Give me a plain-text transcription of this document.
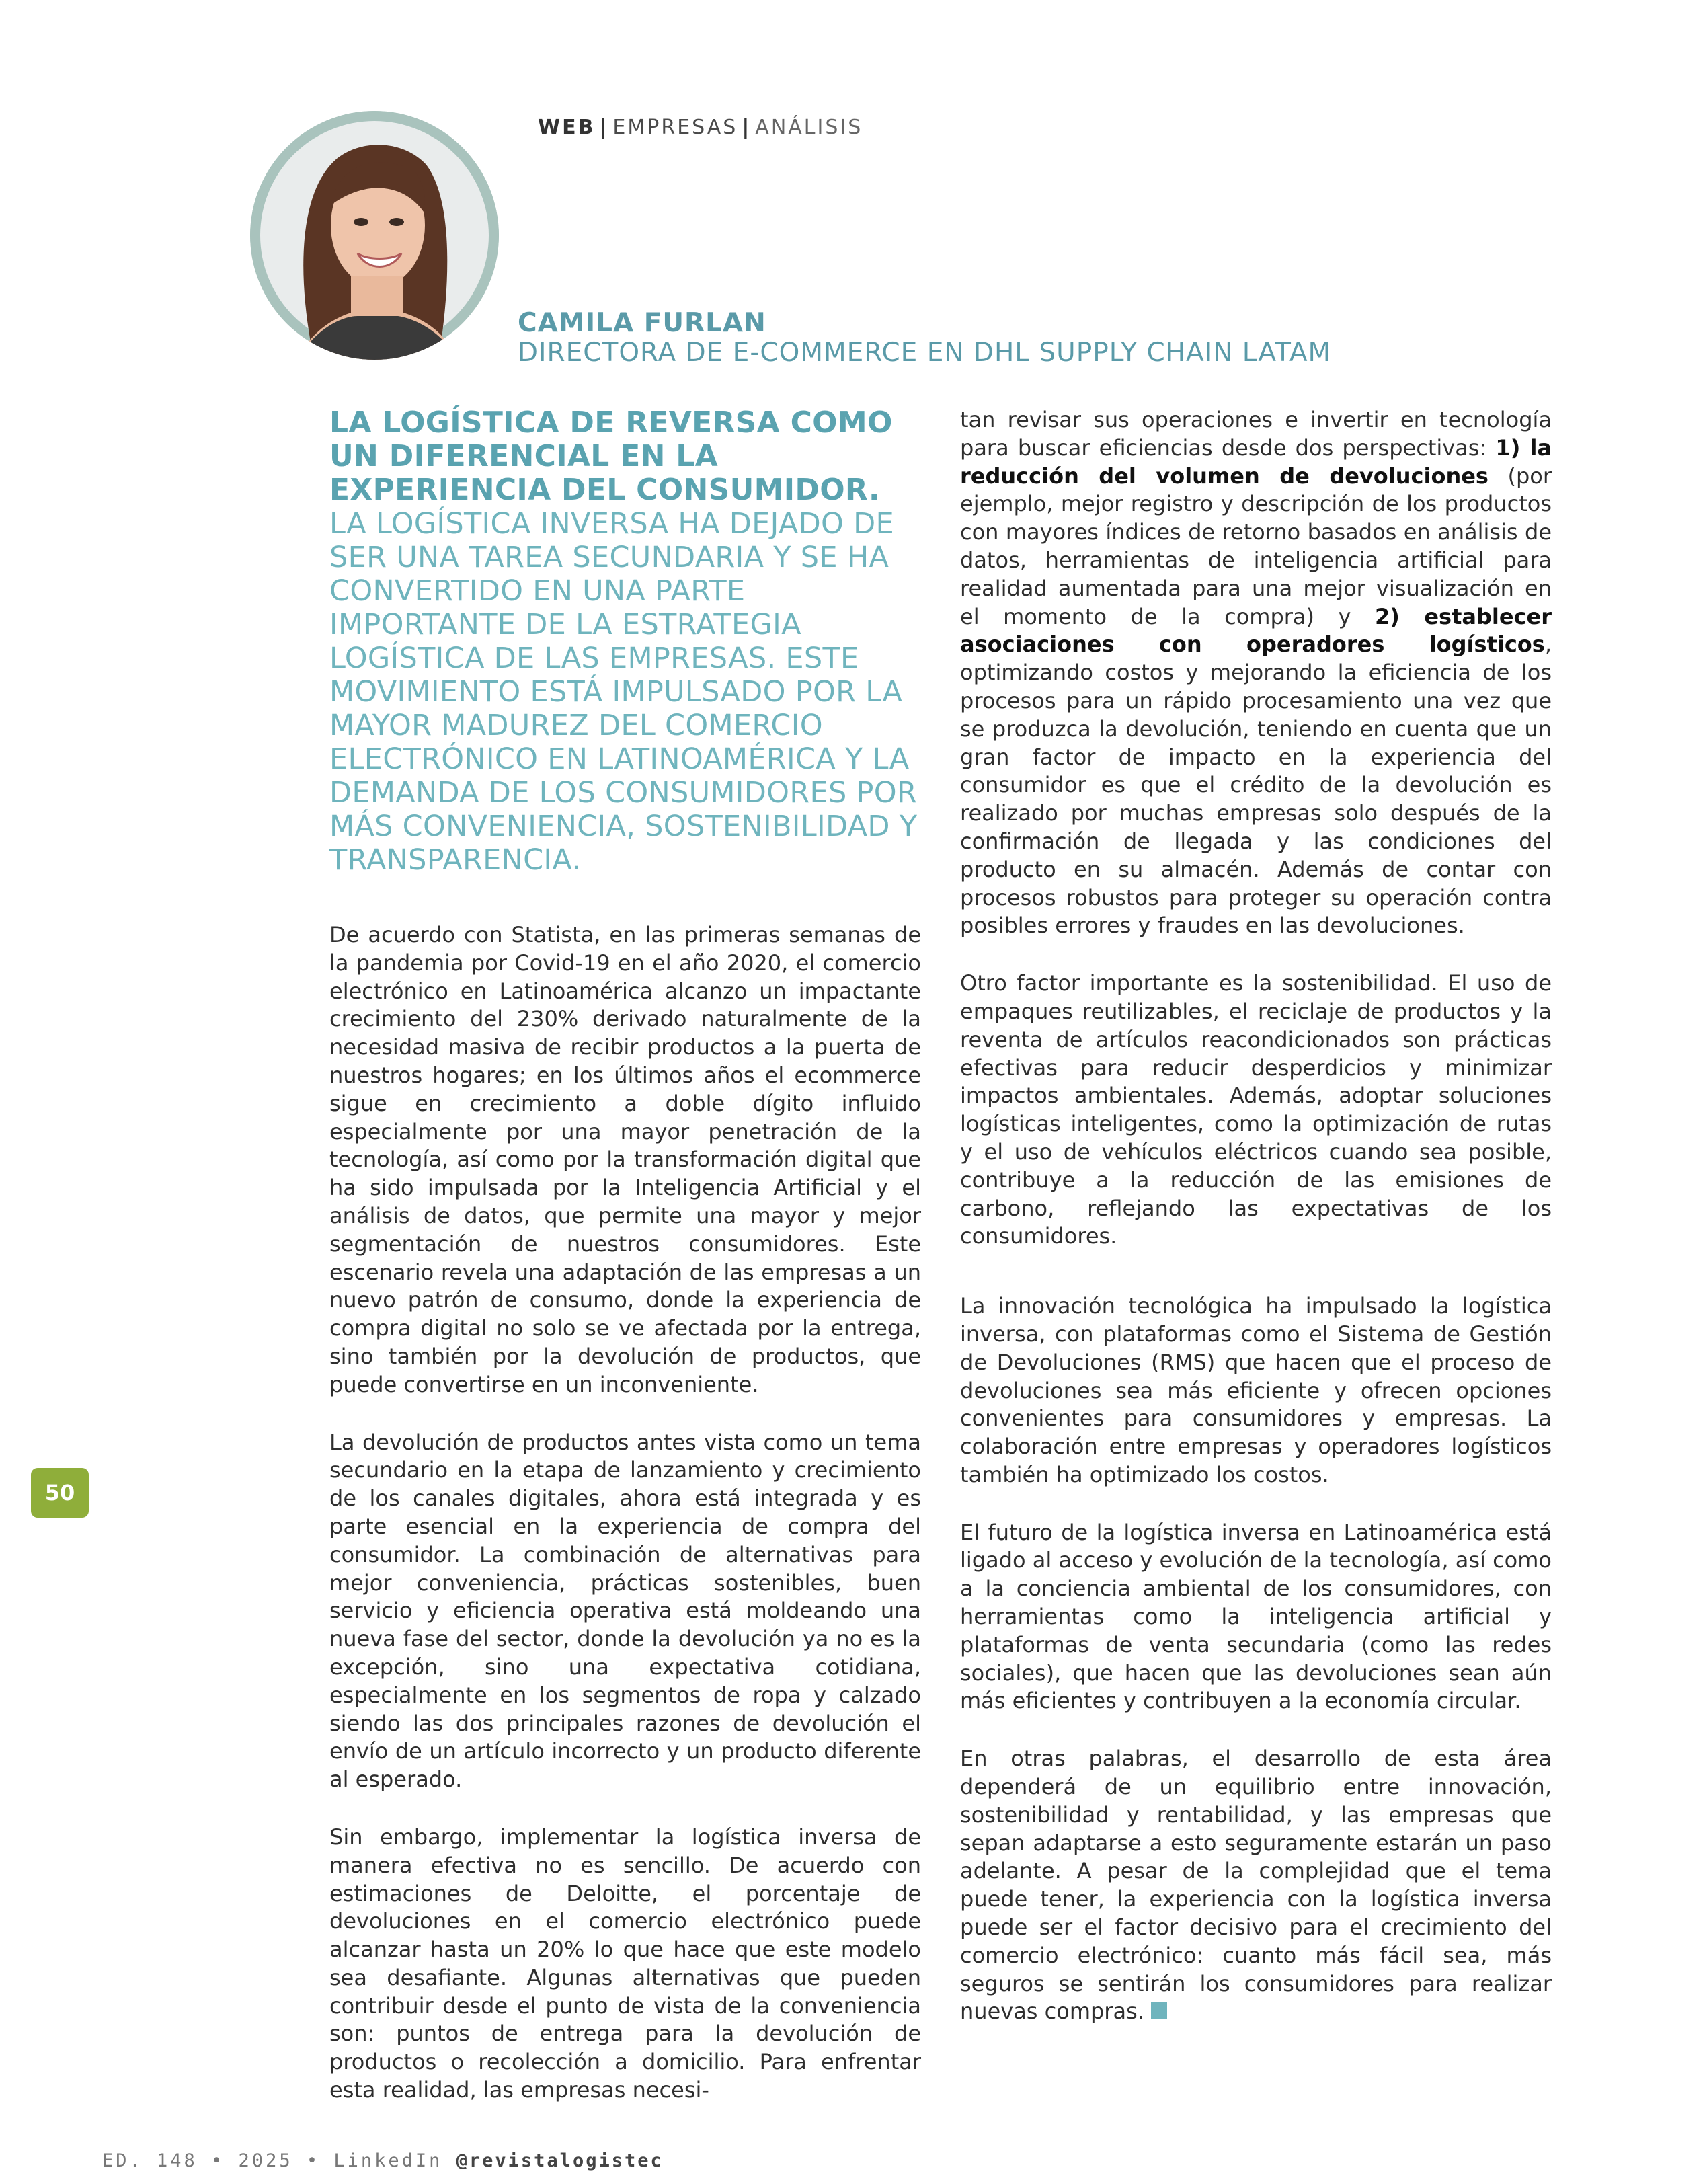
WEB | EMPRESAS | ANÁLISIS
CAMILA FURLAN
DIRECTORA DE E-COMMERCE EN DHL SUPPLY CHAIN LATAM
LA LOGÍSTICA DE REVERSA COMO UN DIFERENCIAL EN LA EXPERIENCIA DEL CONSUMIDOR.

LA LOGÍSTICA INVERSA HA DEJADO DE SER UNA TAREA SECUNDARIA Y SE HA CONVERTIDO EN UNA PARTE IMPORTANTE DE LA ESTRATEGIA LOGÍSTICA DE LAS EMPRESAS. ESTE MOVIMIENTO ESTÁ IMPULSADO POR LA MAYOR MADUREZ DEL COMERCIO ELECTRÓNICO EN LATINOAMÉRICA Y LA DEMANDA DE LOS CONSUMIDORES POR MÁS CONVENIENCIA, SOSTENIBILIDAD Y TRANSPARENCIA.

De acuerdo con Statista, en las primeras semanas de la pandemia por Covid-19 en el año 2020, el comercio electrónico en Latinoamérica alcanzo un impactante crecimiento del 230% derivado naturalmente de la necesidad masiva de recibir productos a la puerta de nuestros hogares; en los últimos años el ecommerce sigue en crecimiento a doble dígito influido especialmente por una mayor penetración de la tecnología, así como por la transformación digital que ha sido impulsada por la Inteligencia Artificial y el análisis de datos, que permite una mayor y mejor segmentación de nuestros consumidores. Este escenario revela una adaptación de las empresas a un nuevo patrón de consumo, donde la experiencia de compra digital no solo se ve afectada por la entrega, sino también por la devolución de productos, que puede convertirse en un inconveniente.

La devolución de productos antes vista como un tema secundario en la etapa de lanzamiento y crecimiento de los canales digitales, ahora está integrada y es parte esencial en la experiencia de compra del consumidor. La combinación de alternativas para mejor conveniencia, prácticas sostenibles, buen servicio y eficiencia operativa está moldeando una nueva fase del sector, donde la devolución ya no es la excepción, sino una expectativa cotidiana, especialmente en los segmentos de ropa y calzado siendo las dos principales razones de devolución el envío de un artículo incorrecto y un producto diferente al esperado.

Sin embargo, implementar la logística inversa de manera efectiva no es sencillo. De acuerdo con estimaciones de Deloitte, el porcentaje de devoluciones en el comercio electrónico puede alcanzar hasta un 20% lo que hace que este modelo sea desafiante. Algunas alternativas que pueden contribuir desde el punto de vista de la conveniencia son: puntos de entrega para la devolución de productos o recolección a domicilio. Para enfrentar esta realidad, las empresas necesi-

tan revisar sus operaciones e invertir en tecnología para buscar eficiencias desde dos perspectivas: 1) la reducción del volumen de devoluciones (por ejemplo, mejor registro y descripción de los productos con mayores índices de retorno basados en análisis de datos, herramientas de inteligencia artificial para realidad aumentada para una mejor visualización en el momento de la compra) y 2) establecer asociaciones con operadores logísticos, optimizando costos y mejorando la eficiencia de los procesos para un rápido procesamiento una vez que se produzca la devolución, teniendo en cuenta que un gran factor de impacto en la experiencia del consumidor es que el crédito de la devolución es realizado por muchas empresas solo después de la confirmación de llegada y las condiciones del producto en su almacén. Además de contar con procesos robustos para proteger su operación contra posibles errores y fraudes en las devoluciones.

Otro factor importante es la sostenibilidad. El uso de empaques reutilizables, el reciclaje de productos y la reventa de artículos reacondicionados son prácticas efectivas para reducir desperdicios y minimizar impactos ambientales. Además, adoptar soluciones logísticas inteligentes, como la optimización de rutas y el uso de vehículos eléctricos cuando sea posible, contribuye a la reducción de las emisiones de carbono, reflejando las expectativas de los consumidores.

La innovación tecnológica ha impulsado la logística inversa, con plataformas como el Sistema de Gestión de Devoluciones (RMS) que hacen que el proceso de devoluciones sea más eficiente y ofrecen opciones convenientes para consumidores y empresas. La colaboración entre empresas y operadores logísticos también ha optimizado los costos.

El futuro de la logística inversa en Latinoamérica está ligado al acceso y evolución de la tecnología, así como a la conciencia ambiental de los consumidores, con herramientas como la inteligencia artificial y plataformas de venta secundaria (como las redes sociales), que hacen que las devoluciones sean aún más eficientes y contribuyen a la economía circular.

En otras palabras, el desarrollo de esta área dependerá de un equilibrio entre innovación, sostenibilidad y rentabilidad, y las empresas que sepan adaptarse a esto seguramente estarán un paso adelante. A pesar de la complejidad que el tema puede tener, la experiencia con la logística inversa puede ser el factor decisivo para el crecimiento del comercio electrónico: cuanto más fácil sea, más seguros se sentirán los consumidores para realizar nuevas compras.

50
ED. 148 • 2025 • LinkedIn @revistalogistec
